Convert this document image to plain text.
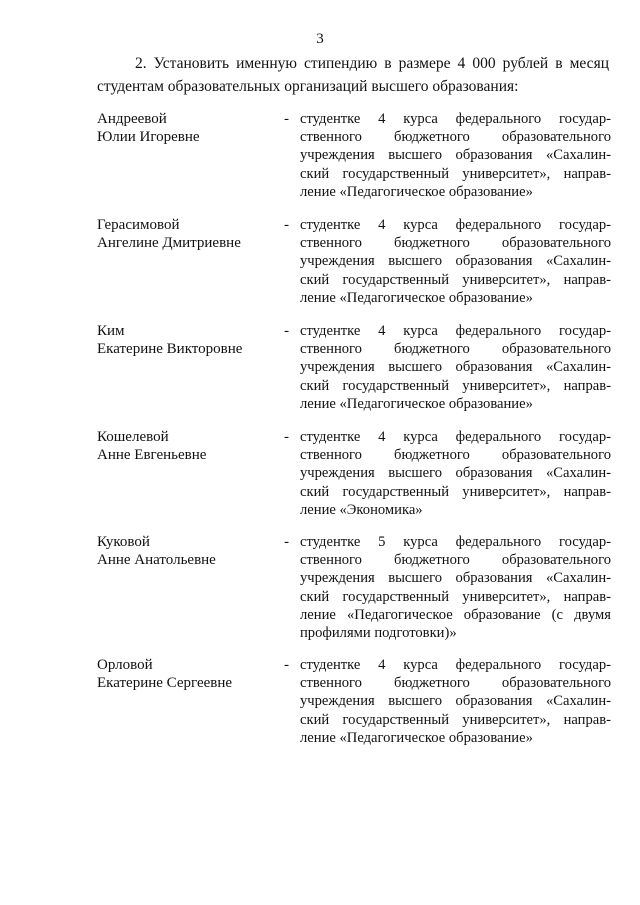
3
2. Установить именную стипендию в размере 4 000 рублей в месяц студентам образовательных организаций высшего образования:
Андреевой
Юлии Игоревне
- студентке 4 курса федерального государ-
ственного бюджетного образовательного
учреждения высшего образования «Сахалин-
ский государственный университет», направ-
ление «Педагогическое образование»
Герасимовой
Ангелине Дмитриевне
- студентке 4 курса федерального государ-
ственного бюджетного образовательного
учреждения высшего образования «Сахалин-
ский государственный университет», направ-
ление «Педагогическое образование»
Ким
Екатерине Викторовне
- студентке 4 курса федерального государ-
ственного бюджетного образовательного
учреждения высшего образования «Сахалин-
ский государственный университет», направ-
ление «Педагогическое образование»
Кошелевой
Анне Евгеньевне
- студентке 4 курса федерального государ-
ственного бюджетного образовательного
учреждения высшего образования «Сахалин-
ский государственный университет», направ-
ление «Экономика»
Куковой
Анне Анатольевне
- студентке 5 курса федерального государ-
ственного бюджетного образовательного
учреждения высшего образования «Сахалин-
ский государственный университет», направ-
ление «Педагогическое образование (с двумя
профилями подготовки)»
Орловой
Екатерине Сергеевне
- студентке 4 курса федерального государ-
ственного бюджетного образовательного
учреждения высшего образования «Сахалин-
ский государственный университет», направ-
ление «Педагогическое образование»
